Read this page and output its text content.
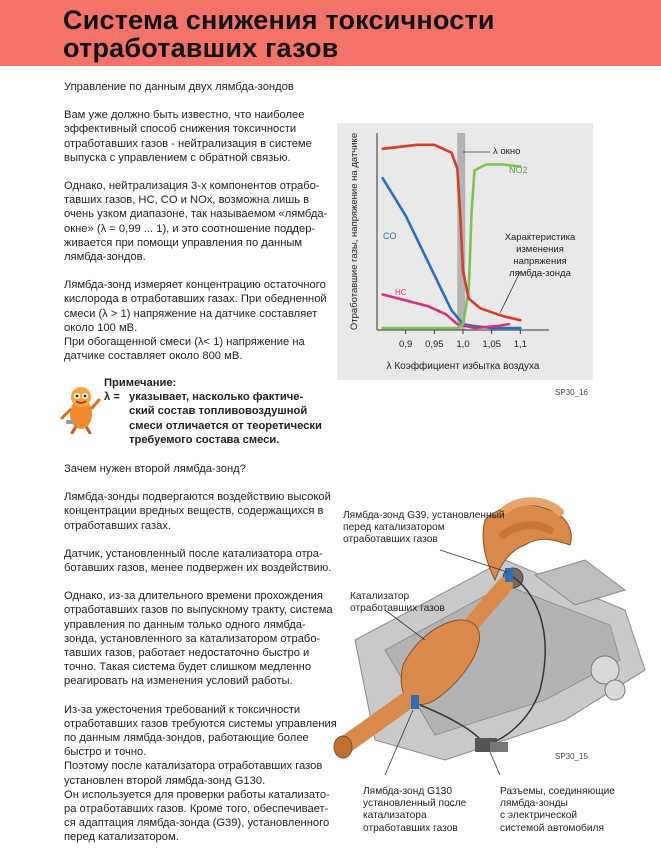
Система снижения токсичности
отработавших газов
Управление по данным двух лямбда-зондов
Вам уже должно быть известно, что наиболее
эффективный способ снижения токсичности
отработавших газов - нейтрализация в системе
выпуска с управлением с обратной связью.
Однако, нейтрализация 3-х компонентов отрабо-
тавших газов, HC, CO и NOx, возможна лишь в
очень узком диапазоне, так называемом «лямбда-
окне» (λ = 0,99 ... 1), и это соотношение поддер-
живается при помощи управления по данным
лямбда-зондов.
Лямбда-зонд измеряет концентрацию остаточного
кислорода в отработавших газах. При обедненной
смеси (λ > 1) напряжение на датчике составляет
около 100 мВ.
При обогащенной смеси (λ< 1) напряжение на
датчике составляет около 800 мВ.
Примечание:
λ = указывает, насколько фактиче-
ский состав топливовоздушной
смеси отличается от теоретически
требуемого состава смеси.
Зачем нужен второй лямбда-зонд?
Лямбда-зонды подвергаются воздействию высокой
концентрации вредных веществ, содержащихся в
отработавших газах.
Датчик, установленный после катализатора отра-
ботавших газов, менее подвержен их воздействию.
Однако, из-за длительного времени прохождения
отработавших газов по выпускному тракту, система
управления по данным только одного лямбда-
зонда, установленного за катализатором отрабо-
тавших газов, работает недостаточно быстро и
точно. Такая система будет слишком медленно
реагировать на изменения условий работы.
Из-за ужесточения требований к токсичности
отработавших газов требуются системы управления
по данным лямбда-зондов, работающие более
быстро и точно.
Поэтому после катализатора отработавших газов
установлен второй лямбда-зонд G130.
Он используется для проверки работы катализато-
ра отработавших газов. Кроме того, обеспечивает-
ся адаптация лямбда-зонда (G39), установленного
перед катализатором.
0,9 0,95 1,0 1,05 1,1
λ Коэффициент избытка воздуха
Отработавшие газы, напряжение на датчике	CO
HC
NO2
λ окно
Характеристика
изменения
напряжения
лямбда-зонда
SP30_16
Лямбда-зонд G39, установленный
перед катализатором
отработавших газов
Катализатор
отработавших газов
Лямбда-зонд G130
установленный после
катализатора
отработавших газов
Разъемы, соединяющие
лямбда-зонды
с электрической
системой автомобиля
SP30_15
